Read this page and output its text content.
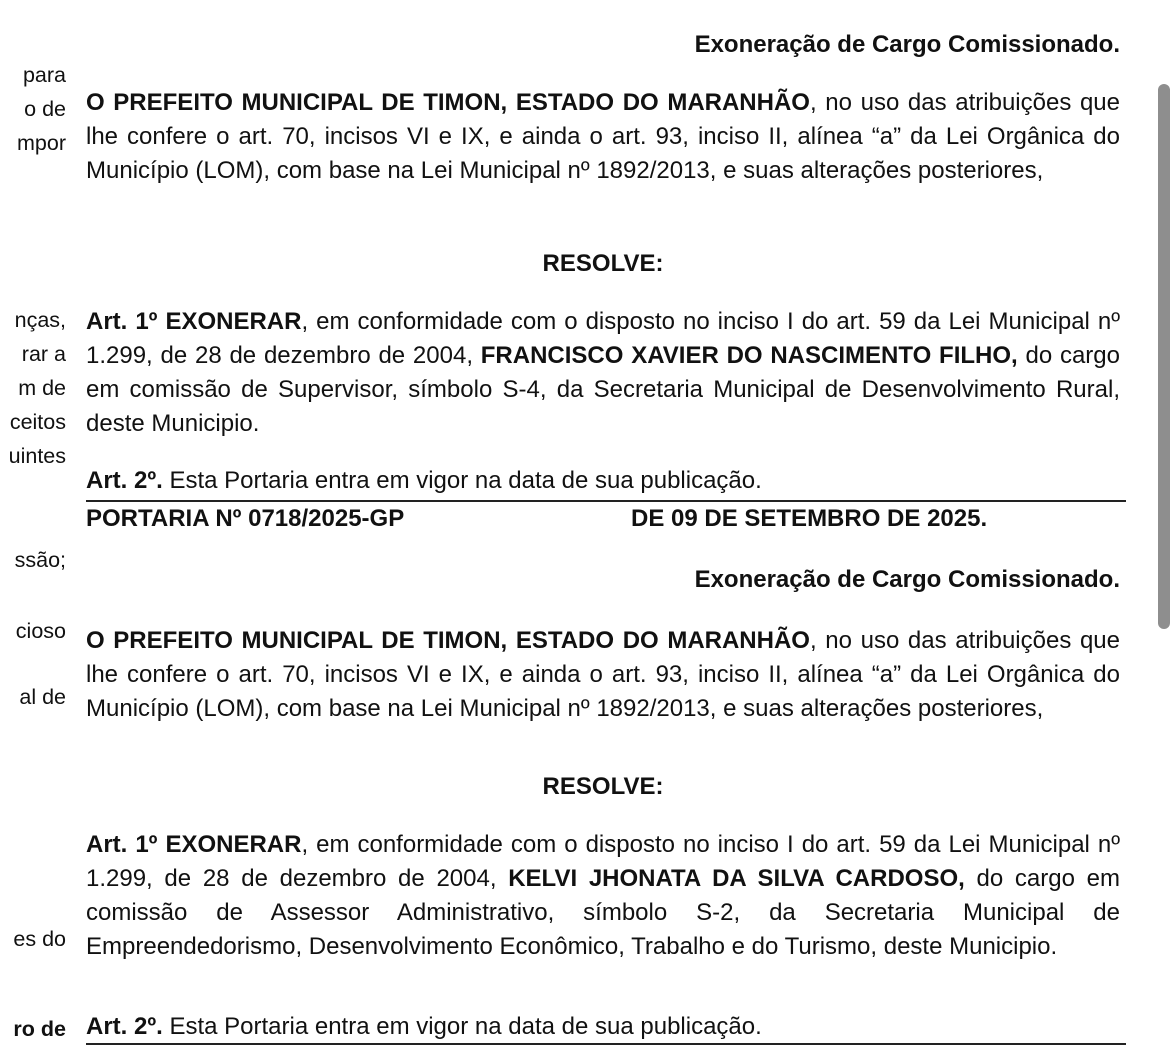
para
o de
mpor
nças,
rar a
m de
ceitos
uintes
ssão;
cioso
al de
es do
ro de
Exoneração de Cargo Comissionado.

O PREFEITO MUNICIPAL DE TIMON, ESTADO DO MARANHÃO, no uso das atribuições que lhe confere o art. 70, incisos VI e IX, e ainda o art. 93, inciso II, alínea “a” da Lei Orgânica do Município (LOM), com base na Lei Municipal nº 1892/2013, e suas alterações posteriores,

RESOLVE:

Art. 1º EXONERAR, em conformidade com o disposto no inciso I do art. 59 da Lei Municipal nº 1.299, de 28 de dezembro de 2004, FRANCISCO XAVIER DO NASCIMENTO FILHO, do cargo em comissão de Supervisor, símbolo S-4, da Secretaria Municipal de Desenvolvimento Rural, deste Municipio.

Art. 2º. Esta Portaria entra em vigor na data de sua publicação.

PORTARIA Nº 0718/2025-GP	DE 09 DE SETEMBRO DE 2025.
Exoneração de Cargo Comissionado.

O PREFEITO MUNICIPAL DE TIMON, ESTADO DO MARANHÃO, no uso das atribuições que lhe confere o art. 70, incisos VI e IX, e ainda o art. 93, inciso II, alínea “a” da Lei Orgânica do Município (LOM), com base na Lei Municipal nº 1892/2013, e suas alterações posteriores,

RESOLVE:

Art. 1º EXONERAR, em conformidade com o disposto no inciso I do art. 59 da Lei Municipal nº 1.299, de 28 de dezembro de 2004, KELVI JHONATA DA SILVA CARDOSO, do cargo em comissão de Assessor Administrativo, símbolo S-2, da Secretaria Municipal de Empreendedorismo, Desenvolvimento Econômico, Trabalho e do Turismo, deste Municipio.

Art. 2º. Esta Portaria entra em vigor na data de sua publicação.
